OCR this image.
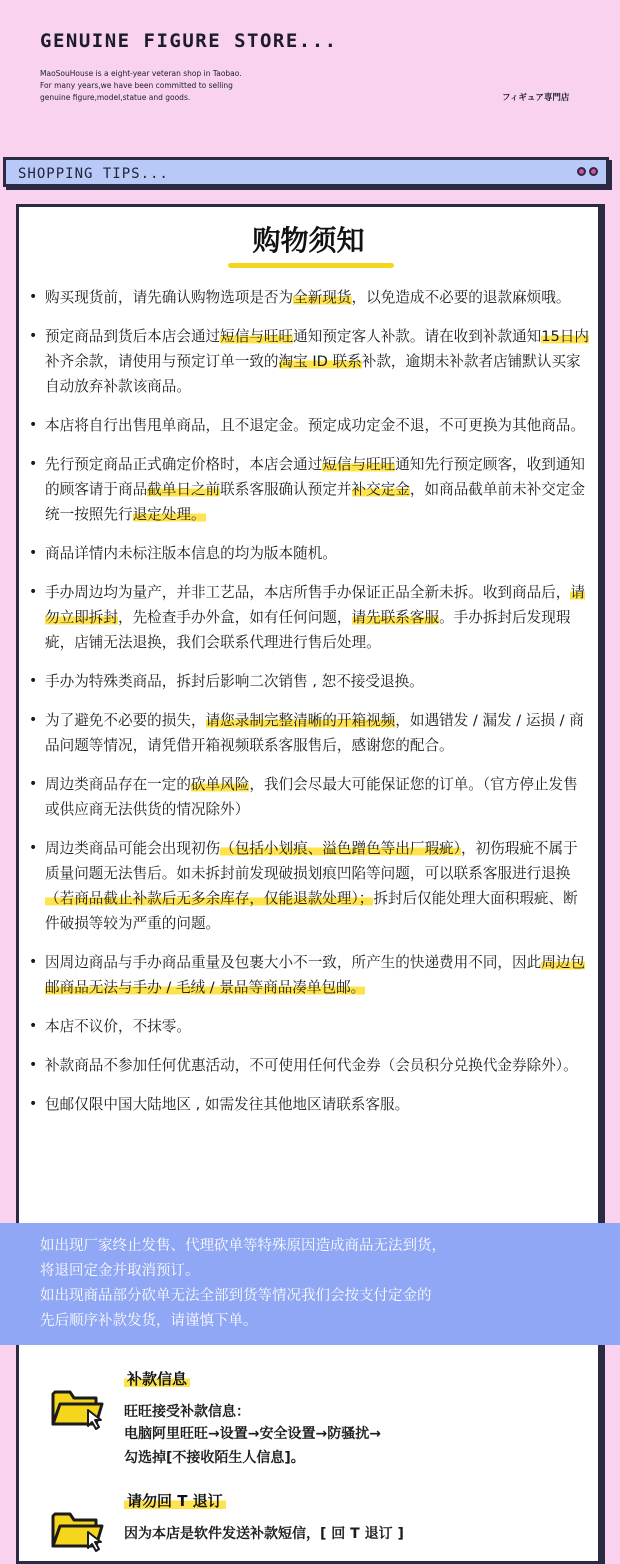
GENUINE FIGURE STORE...
MaoSouHouse is a eight-year veteran shop in Taobao.
For many years,we have been committed to selling
genuine figure,model,statue and goods.	フィギュア専門店
SHOPPING TIPS...
购物须知
• 购买现货前，请先确认购物选项是否为全新现货，以免造成不必要的退款麻烦哦。
• 预定商品到货后本店会通过短信与旺旺通知预定客人补款。请在收到补款通知15日内补齐余款，请使用与预定订单一致的淘宝 ID 联系补款，逾期未补款者店铺默认买家自动放弃补款该商品。
• 本店将自行出售甩单商品，且不退定金。预定成功定金不退，不可更换为其他商品。
• 先行预定商品正式确定价格时，本店会通过短信与旺旺通知先行预定顾客，收到通知的顾客请于商品截单日之前联系客服确认预定并补交定金，如商品截单前未补交定金统一按照先行退定处理。
• 商品详情内未标注版本信息的均为版本随机。
• 手办周边均为量产，并非工艺品，本店所售手办保证正品全新未拆。收到商品后，请勿立即拆封，先检查手办外盒，如有任何问题，请先联系客服。手办拆封后发现瑕疵，店铺无法退换，我们会联系代理进行售后处理。
• 手办为特殊类商品，拆封后影响二次销售 , 恕不接受退换。
• 为了避免不必要的损失，请您录制完整清晰的开箱视频，如遇错发 / 漏发 / 运损 / 商品问题等情况，请凭借开箱视频联系客服售后，感谢您的配合。
• 周边类商品存在一定的砍单风险，我们会尽最大可能保证您的订单。（官方停止发售或供应商无法供货的情况除外）
• 周边类商品可能会出现初伤（包括小划痕、溢色蹭色等出厂瑕疵），初伤瑕疵不属于质量问题无法售后。如未拆封前发现破损划痕凹陷等问题，可以联系客服进行退换（若商品截止补款后无多余库存，仅能退款处理）；拆封后仅能处理大面积瑕疵、断件破损等较为严重的问题。
• 因周边商品与手办商品重量及包裹大小不一致，所产生的快递费用不同，因此周边包邮商品无法与手办 / 毛绒 / 景品等商品凑单包邮。
• 本店不议价，不抹零。
• 补款商品不参加任何优惠活动，不可使用任何代金券（会员积分兑换代金券除外）。
• 包邮仅限中国大陆地区 , 如需发往其他地区请联系客服。

如出现厂家终止发售、代理砍单等特殊原因造成商品无法到货，

将退回定金并取消预订。

如出现商品部分砍单无法全部到货等情况我们会按支付定金的

先后顺序补款发货，请谨慎下单。

补款信息
旺旺接受补款信息：
电脑阿里旺旺→设置→安全设置→防骚扰→
勾选掉[不接收陌生人信息]。
请勿回 T 退订
因为本店是软件发送补款短信，[ 回 T 退订 ]
